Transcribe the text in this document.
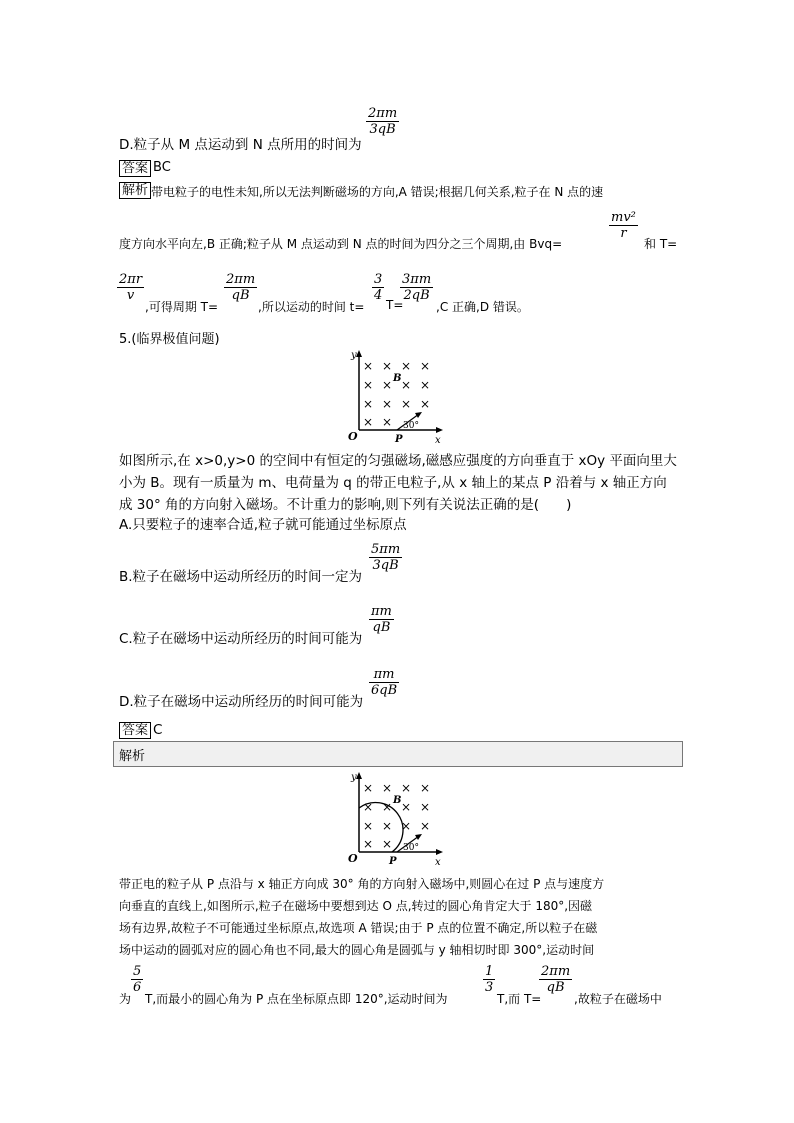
$\frac{2\pi m}{3qB}$
D.粒子从 M 点运动到 N 点所用的时间为
答案 BC
解析 带电粒子的电性未知,所以无法判断磁场的方向,A 错误;根据几何关系,粒子在 N 点的速
度方向水平向左,B 正确;粒子从 M 点运动到 N 点的时间为四分之三个周期,由 Bvq=
$\frac{\text{mv²}}{r}$
和 T=
$\frac{2\pi r}{v}$
,可得周期 T=
$\frac{2\pi m}{qB}$
,所以运动的时间 t=
$\frac{3}{4}$
T=
$\frac{3\pi m}{2qB}$
,C 正确,D 错误。
5.(临界极值问题)
y
x
O
× × × ×
× × × ×
× × × ×
× ×
B
30°
P
如图所示,在 x>0,y>0 的空间中有恒定的匀强磁场,磁感应强度的方向垂直于 xOy 平面向里大
小为 B。现有一质量为 m、电荷量为 q 的带正电粒子,从 x 轴上的某点 P 沿着与 x 轴正方向
成 30° 角的方向射入磁场。不计重力的影响,则下列有关说法正确的是(　　)
A.只要粒子的速率合适,粒子就可能通过坐标原点
$\frac{5\pi m}{3qB}$
B.粒子在磁场中运动所经历的时间一定为
$\frac{\pi m}{qB}$
C.粒子在磁场中运动所经历的时间可能为
$\frac{\pi m}{6qB}$
D.粒子在磁场中运动所经历的时间可能为
答案 C
解析
y
x
O
× × × ×
× × × ×
× × × ×
× ×
B
30°
P
带正电的粒子从 P 点沿与 x 轴正方向成 30° 角的方向射入磁场中,则圆心在过 P 点与速度方
向垂直的直线上,如图所示,粒子在磁场中要想到达 O 点,转过的圆心角肯定大于 180°,因磁
场有边界,故粒子不可能通过坐标原点,故选项 A 错误;由于 P 点的位置不确定,所以粒子在磁
场中运动的圆弧对应的圆心角也不同,最大的圆心角是圆弧与 y 轴相切时即 300°,运动时间
为
$\frac{5}{6}$
T,而最小的圆心角为 P 点在坐标原点即 120°,运动时间为
$\frac{1}{3}$
T,而 T=
$\frac{2\pi m}{qB}$
,故粒子在磁场中
